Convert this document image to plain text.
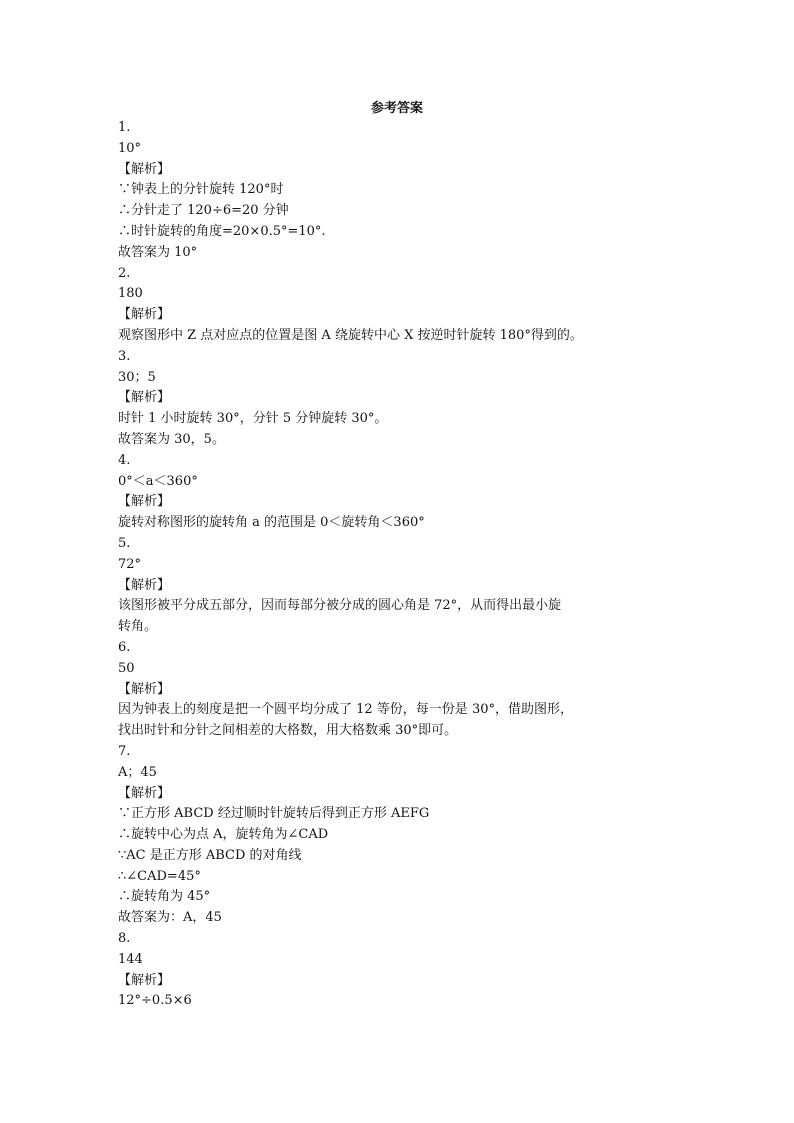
参考答案

1.

10°

【解析】

∵钟表上的分针旋转 120°时

∴分针走了 120÷6=20 分钟

∴时针旋转的角度=20×0.5°=10°.

故答案为 10°

2.

180

【解析】

观察图形中 Z 点对应点的位置是图 A 绕旋转中心 X 按逆时针旋转 180°得到的。

3.

30；5

【解析】

时针 1 小时旋转 30°，分针 5 分钟旋转 30°。

故答案为 30，5。

4.

0°＜a＜360°

【解析】

旋转对称图形的旋转角 a 的范围是 0＜旋转角＜360°

5.

72°

【解析】

该图形被平分成五部分，因而每部分被分成的圆心角是 72°，从而得出最小旋

转角。

6.

50

【解析】

因为钟表上的刻度是把一个圆平均分成了 12 等份，每一份是 30°，借助图形，

找出时针和分针之间相差的大格数，用大格数乘 30°即可。

7.

A；45

【解析】

∵正方形 ABCD 经过顺时针旋转后得到正方形 AEFG

∴旋转中心为点 A，旋转角为∠CAD

∵AC 是正方形 ABCD 的对角线

∴∠CAD=45°

∴旋转角为 45°

故答案为：A，45

8.

144

【解析】

12°÷0.5×6
